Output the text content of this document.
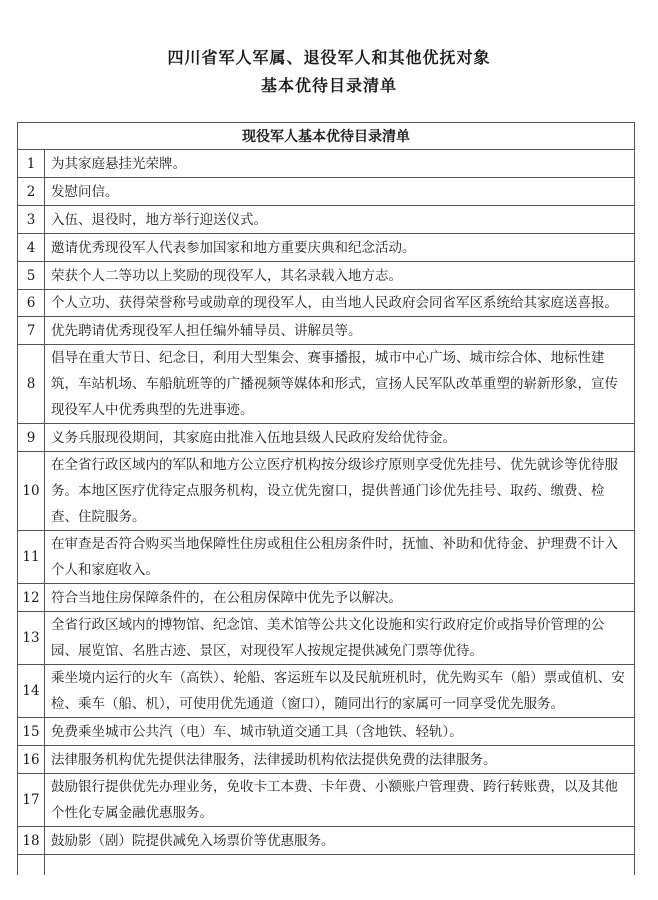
四川省军人军属、退役军人和其他优抚对象
基本优待目录清单
现役军人基本优待目录清单	
1	为其家庭悬挂光荣牌。
2	发慰问信。
3	入伍、退役时，地方举行迎送仪式。
4	邀请优秀现役军人代表参加国家和地方重要庆典和纪念活动。
5	荣获个人二等功以上奖励的现役军人，其名录载入地方志。
6	个人立功、获得荣誉称号或勋章的现役军人，由当地人民政府会同省军区系统给其家庭送喜报。
7	优先聘请优秀现役军人担任编外辅导员、讲解员等。
8	倡导在重大节日、纪念日，利用大型集会、赛事播报，城市中心广场、城市综合体、地标性建筑，车站机场、车船航班等的广播视频等媒体和形式，宣扬人民军队改革重塑的崭新形象，宣传现役军人中优秀典型的先进事迹。
9	义务兵服现役期间，其家庭由批准入伍地县级人民政府发给优待金。
10	在全省行政区域内的军队和地方公立医疗机构按分级诊疗原则享受优先挂号、优先就诊等优待服务。本地区医疗优待定点服务机构，设立优先窗口，提供普通门诊优先挂号、取药、缴费、检查、住院服务。
11	在审查是否符合购买当地保障性住房或租住公租房条件时，抚恤、补助和优待金、护理费不计入个人和家庭收入。
12	符合当地住房保障条件的，在公租房保障中优先予以解决。
13	全省行政区域内的博物馆、纪念馆、美术馆等公共文化设施和实行政府定价或指导价管理的公园、展览馆、名胜古迹、景区，对现役军人按规定提供减免门票等优待。
14	乘坐境内运行的火车（高铁）、轮船、客运班车以及民航班机时，优先购买车（船）票或值机、安检、乘车（船、机），可使用优先通道（窗口），随同出行的家属可一同享受优先服务。
15	免费乘坐城市公共汽（电）车、城市轨道交通工具（含地铁、轻轨）。
16	法律服务机构优先提供法律服务，法律援助机构依法提供免费的法律服务。
17	鼓励银行提供优先办理业务，免收卡工本费、卡年费、小额账户管理费、跨行转账费，以及其他个性化专属金融优惠服务。
18	鼓励影（剧）院提供减免入场票价等优惠服务。
